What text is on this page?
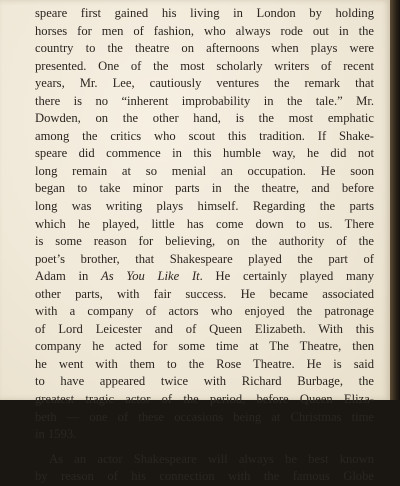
speare first gained his living in London by holding
horses for men of fashion, who always rode out in the
country to the theatre on afternoons when plays were
presented. One of the most scholarly writers of recent
years, Mr. Lee, cautiously ventures the remark that
there is no “inherent improbability in the tale.” Mr.
Dowden, on the other hand, is the most emphatic
among the critics who scout this tradition. If Shake-
speare did commence in this humble way, he did not
long remain at so menial an occupation. He soon
began to take minor parts in the theatre, and before
long was writing plays himself. Regarding the parts
which he played, little has come down to us. There
is some reason for believing, on the authority of the
poet’s brother, that Shakespeare played the part of
Adam in As You Like It. He certainly played many
other parts, with fair success. He became associated
with a company of actors who enjoyed the patronage
of Lord Leicester and of Queen Elizabeth. With this
company he acted for some time at The Theatre, then
he went with them to the Rose Theatre. He is said
to have appeared twice with Richard Burbage, the
greatest tragic actor of the period, before Queen Eliza-
beth — one of these occasions being at Christmas time
in 1593.
As an actor Shakespeare will always be best known
by reason of his connection with the famous Globe
